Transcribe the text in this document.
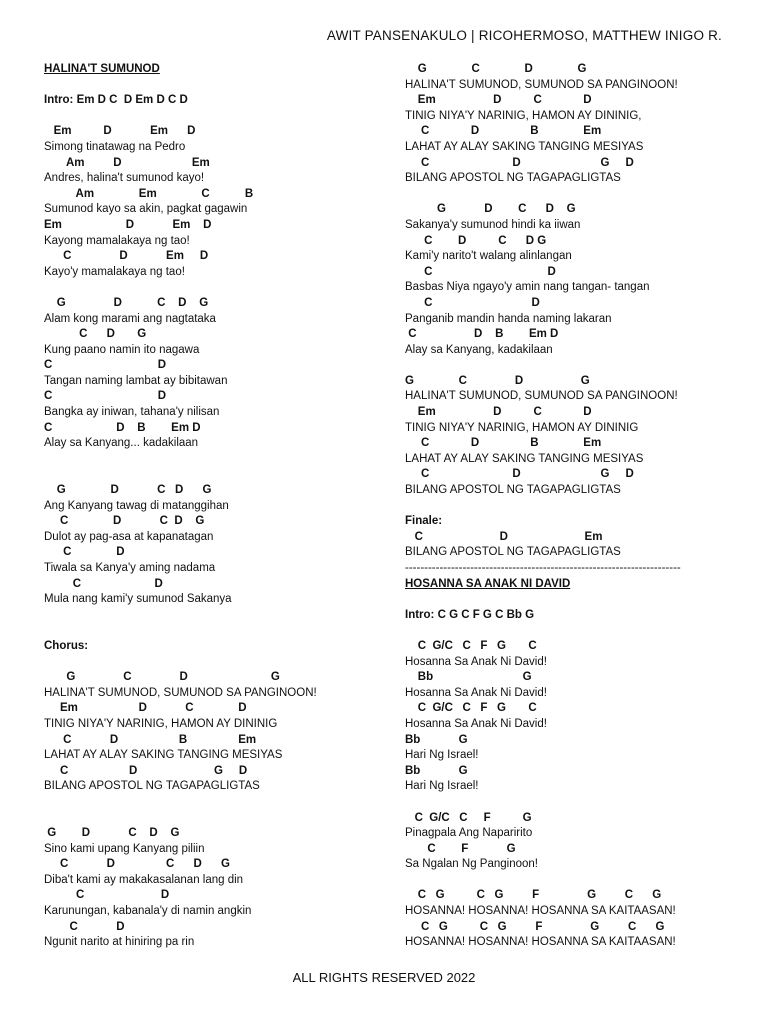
AWIT PANSENAKULO | RICOHERMOSO, MATTHEW INIGO R.
HALINA'T SUMUNOD
Intro: Em D C  D Em D C D
Em          D            Em      D
Simong tinatawag na Pedro
Am         D                      Em
Andres, halina't sumunod kayo!
Am              Em              C           B
Sumunod kayo sa akin, pagkat gagawin
Em                    D            Em    D
Kayong mamalakaya ng tao!
C               D            Em     D
Kayo'y mamalakaya ng tao!
G               D           C    D    G
Alam kong marami ang nagtataka
C      D       G
Kung paano namin ito nagawa
C                                 D
Tangan naming lambat ay bibitawan
C                                 D
Bangka ay iniwan, tahana'y nilisan
C                    D    B        Em D
Alay sa Kanyang... kadakilaan
G              D            C   D      G
Ang Kanyang tawag di matanggihan
C              D            C  D    G
Dulot ay pag-asa at kapanatagan
C              D
Tiwala sa Kanya'y aming nadama
C                       D
Mula nang kami'y sumunod Sakanya
Chorus:
G               C               D                          G
HALINA'T SUMUNOD, SUMUNOD SA PANGINOON!
Em                   D            C              D
TINIG NIYA'Y NARINIG, HAMON AY DININIG
C            D                   B                Em
LAHAT AY ALAY SAKING TANGING MESIYAS
C                   D                        G     D
BILANG APOSTOL NG TAGAPAGLIGTAS
G        D            C    D    G
Sino kami upang Kanyang piliin
C            D                C      D      G
Diba't kami ay makakasalanan lang din
C                        D
Karunungan, kabanala'y di namin angkin
C            D
Ngunit narito at hiniring pa rin
G              C              D              G
HALINA'T SUMUNOD, SUMUNOD SA PANGINOON!
Em                  D          C             D
TINIG NIYA'Y NARINIG, HAMON AY DININIG,
C             D                B              Em
LAHAT AY ALAY SAKING TANGING MESIYAS
C                          D                         G     D
BILANG APOSTOL NG TAGAPAGLIGTAS
G            D        C      D    G
Sakanya'y sumunod hindi ka iiwan
C        D          C      D G
Kami'y narito't walang alinlangan
C                                    D
Basbas Niya ngayo'y amin nang tangan- tangan
C                               D
Panganib mandin handa naming lakaran
C                  D    B        Em D
Alay sa Kanyang, kadakilaan
G              C               D                  G
HALINA'T SUMUNOD, SUMUNOD SA PANGINOON!
Em                  D          C             D
TINIG NIYA'Y NARINIG, HAMON AY DININIG
C             D                B              Em
LAHAT AY ALAY SAKING TANGING MESIYAS
C                          D                         G     D
BILANG APOSTOL NG TAGAPAGLIGTAS
Finale:
C                        D                        Em
BILANG APOSTOL NG TAGAPAGLIGTAS
------------------------------------------------------------------------
HOSANNA SA ANAK NI DAVID
Intro: C G C F G C Bb G
C  G/C   C   F   G       C
Hosanna Sa Anak Ni David!
Bb                            G
Hosanna Sa Anak Ni David!
C  G/C   C   F   G       C
Hosanna Sa Anak Ni David!
Bb            G
Hari Ng Israel!
Bb            G
Hari Ng Israel!
C  G/C   C     F          G
Pinagpala Ang Naparirito
C        F            G
Sa Ngalan Ng Panginoon!
C   G          C   G         F               G         C      G
HOSANNA! HOSANNA! HOSANNA SA KAITAASAN!
C   G          C   G         F               G         C      G
HOSANNA! HOSANNA! HOSANNA SA KAITAASAN!
ALL RIGHTS RESERVED 2022
